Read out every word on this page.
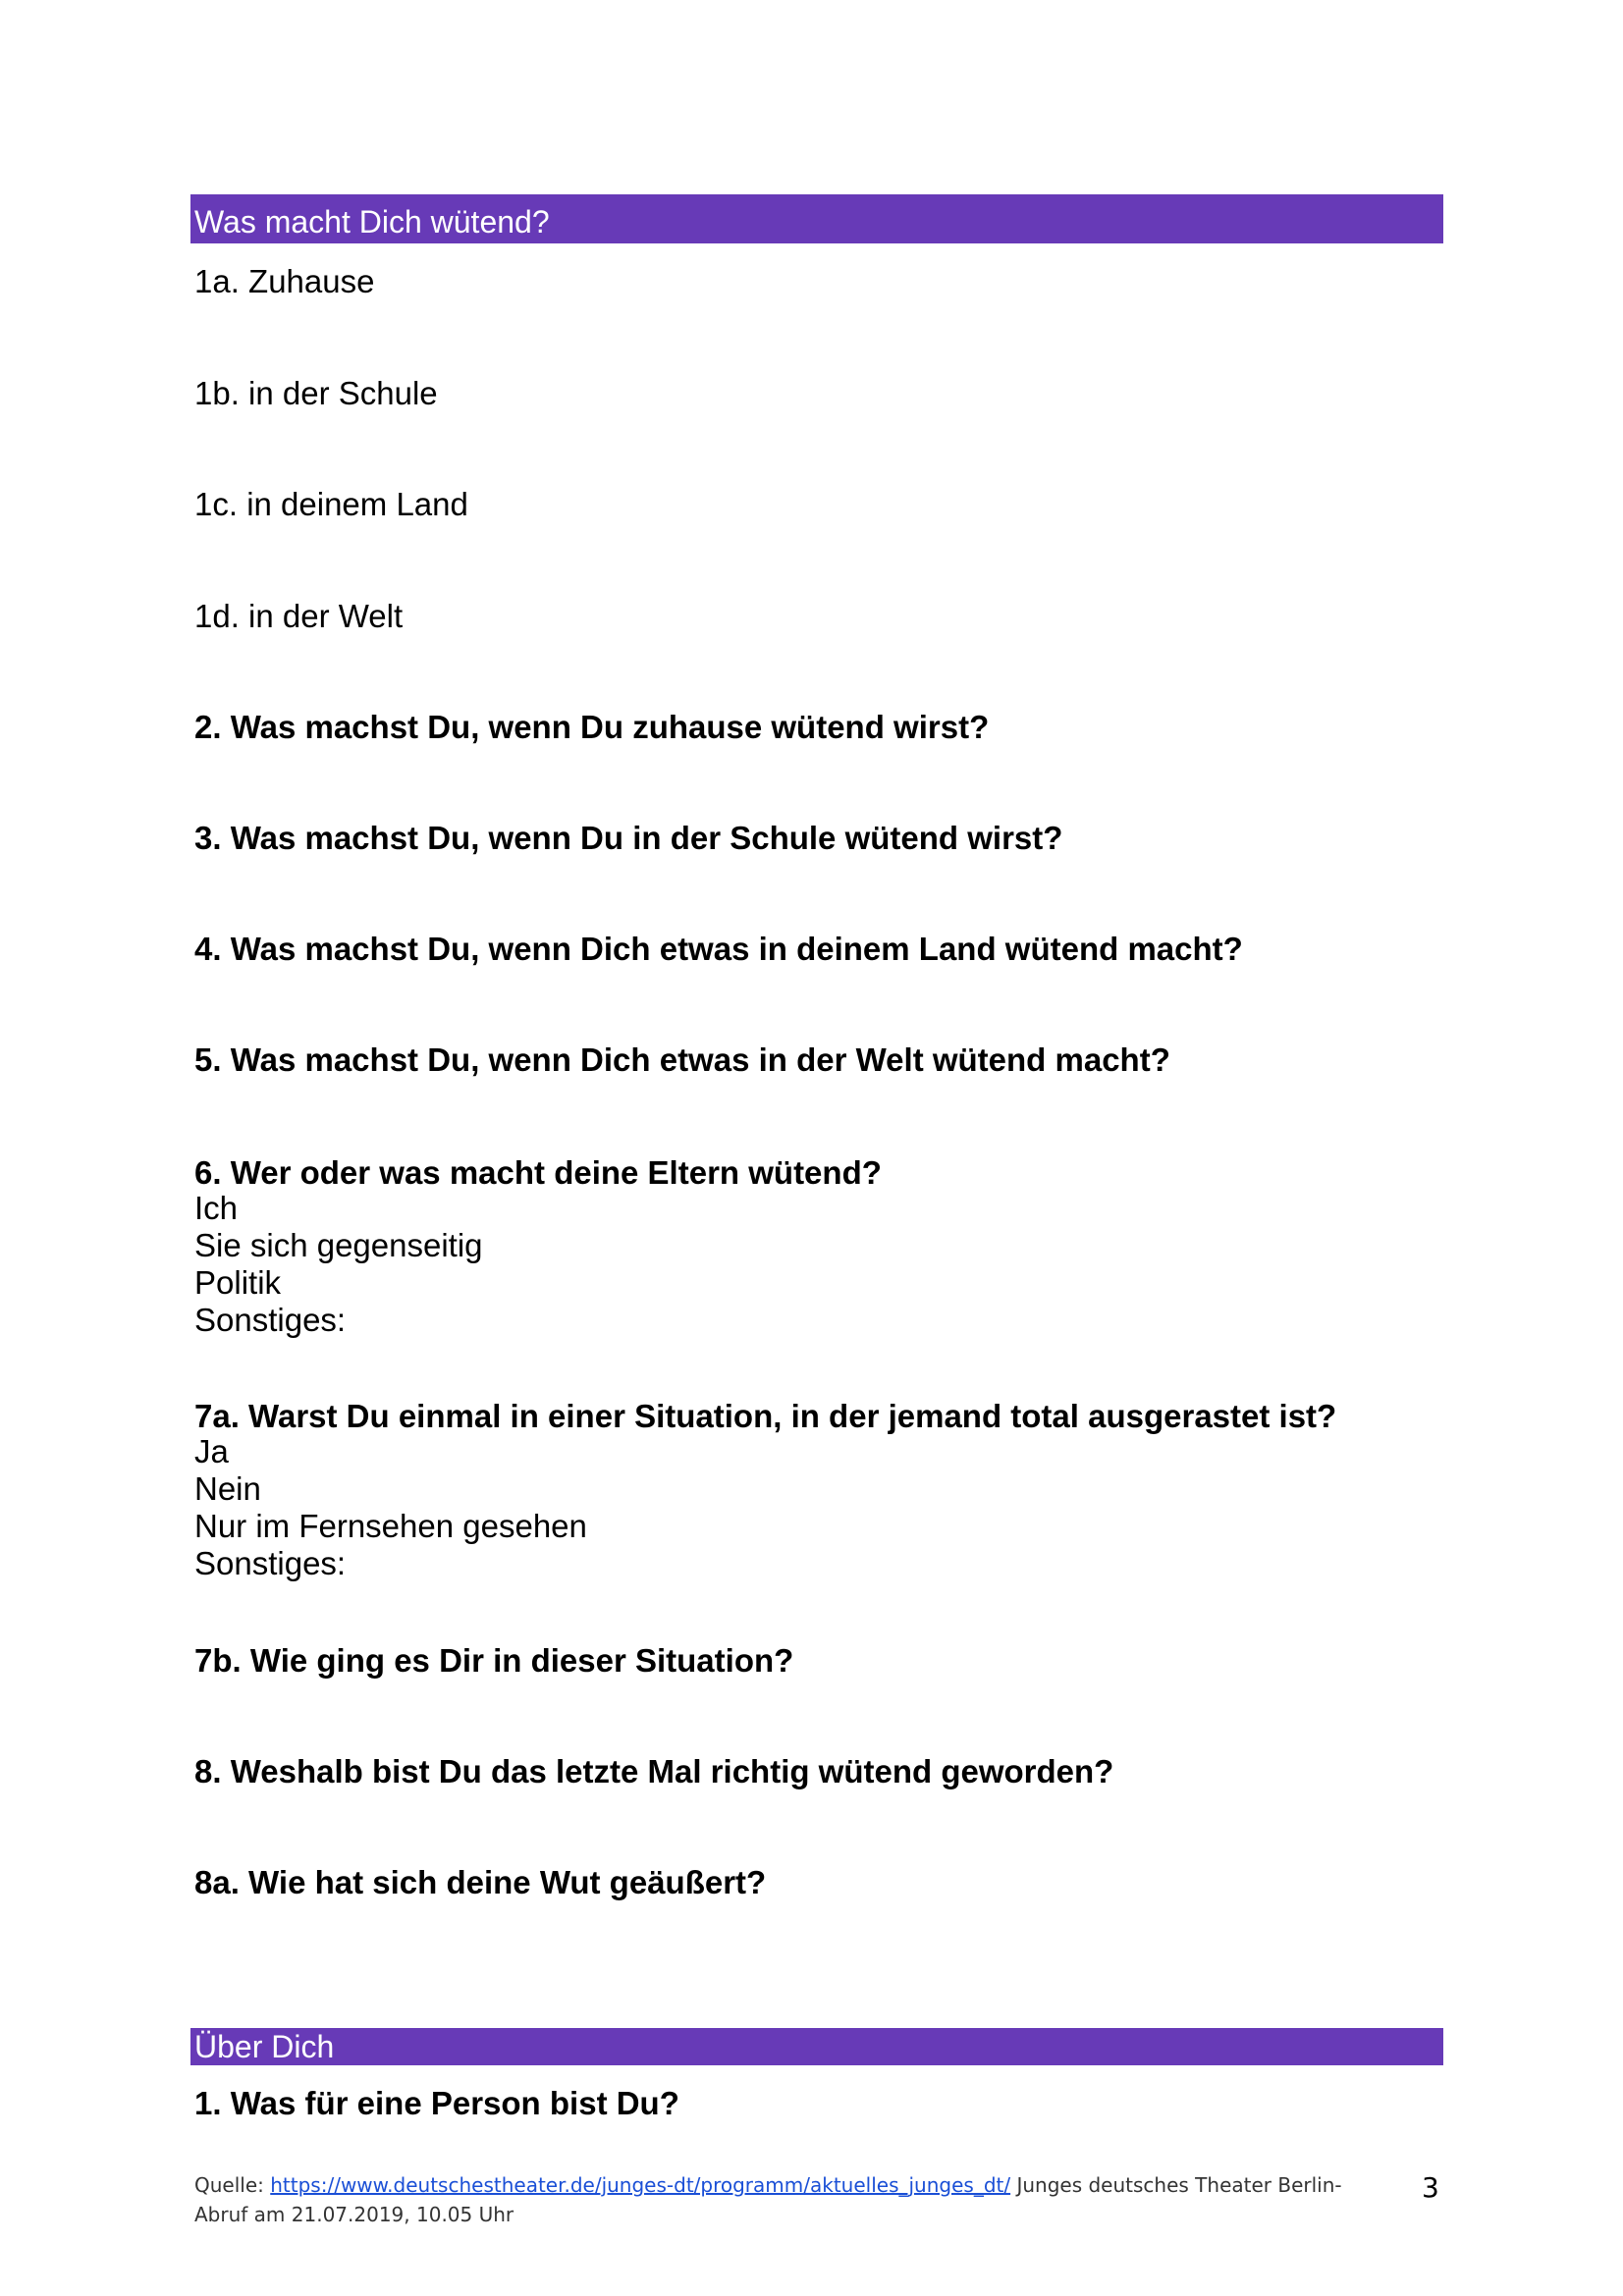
Was macht Dich wütend?
1a. Zuhause
1b. in der Schule
1c. in deinem Land
1d. in der Welt
2. Was machst Du, wenn Du zuhause wütend wirst?
3. Was machst Du, wenn Du in der Schule wütend wirst?
4. Was machst Du, wenn Dich etwas in deinem Land wütend macht?
5. Was machst Du, wenn Dich etwas in der Welt wütend macht?
6. Wer oder was macht deine Eltern wütend?
Ich
Sie sich gegenseitig
Politik
Sonstiges:
7a. Warst Du einmal in einer Situation, in der jemand total ausgerastet ist?
Ja
Nein
Nur im Fernsehen gesehen
Sonstiges:
7b. Wie ging es Dir in dieser Situation?
8. Weshalb bist Du das letzte Mal richtig wütend geworden?
8a. Wie hat sich deine Wut geäußert?
Über Dich
1. Was für eine Person bist Du?
Quelle: https://www.deutschestheater.de/junges-dt/programm/aktuelles_junges_dt/ Junges deutsches Theater Berlin-
Abruf am 21.07.2019, 10.05 Uhr
3
